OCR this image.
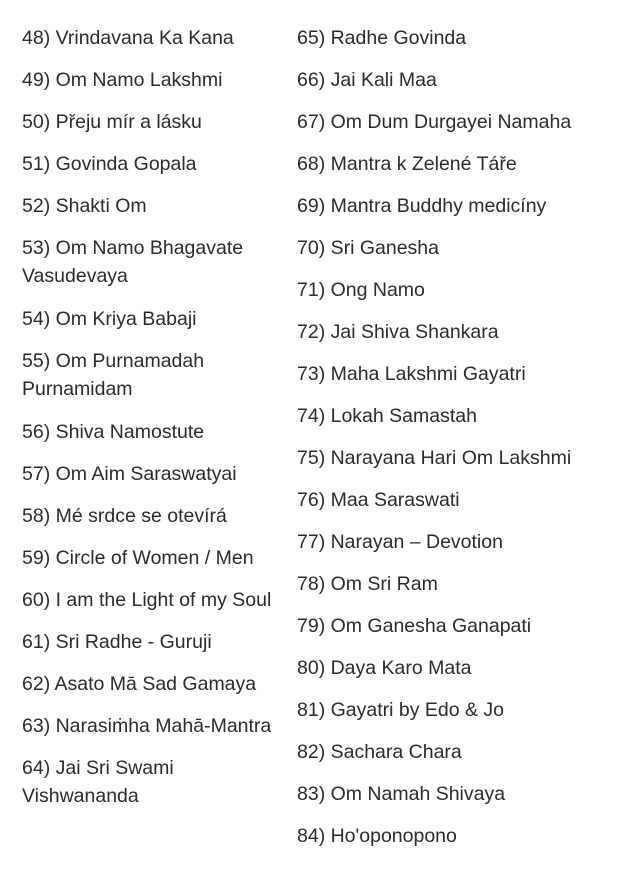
48) Vrindavana Ka Kana
49) Om Namo Lakshmi
50) Přeju mír a lásku
51) Govinda Gopala
52) Shakti Om
53) Om Namo Bhagavate Vasudevaya
54) Om Kriya Babaji
55) Om Purnamadah Purnamidam
56) Shiva Namostute
57) Om Aim Saraswatyai
58) Mé srdce se otevírá
59) Circle of Women / Men
60) I am the Light of my Soul
61) Sri Radhe - Guruji
62) Asato Mā Sad Gamaya
63) Narasiṁha Mahā-Mantra
64) Jai Sri Swami Vishwananda
65) Radhe Govinda
66) Jai Kali Maa
67) Om Dum Durgayei Namaha
68) Mantra k Zelené Táře
69) Mantra Buddhy medicíny
70) Sri Ganesha
71) Ong Namo
72) Jai Shiva Shankara
73) Maha Lakshmi Gayatri
74) Lokah Samastah
75) Narayana Hari Om Lakshmi
76) Maa Saraswati
77) Narayan – Devotion
78) Om Sri Ram
79) Om Ganesha Ganapati
80) Daya Karo Mata
81) Gayatri by Edo & Jo
82) Sachara Chara
83) Om Namah Shivaya
84) Ho'oponopono
